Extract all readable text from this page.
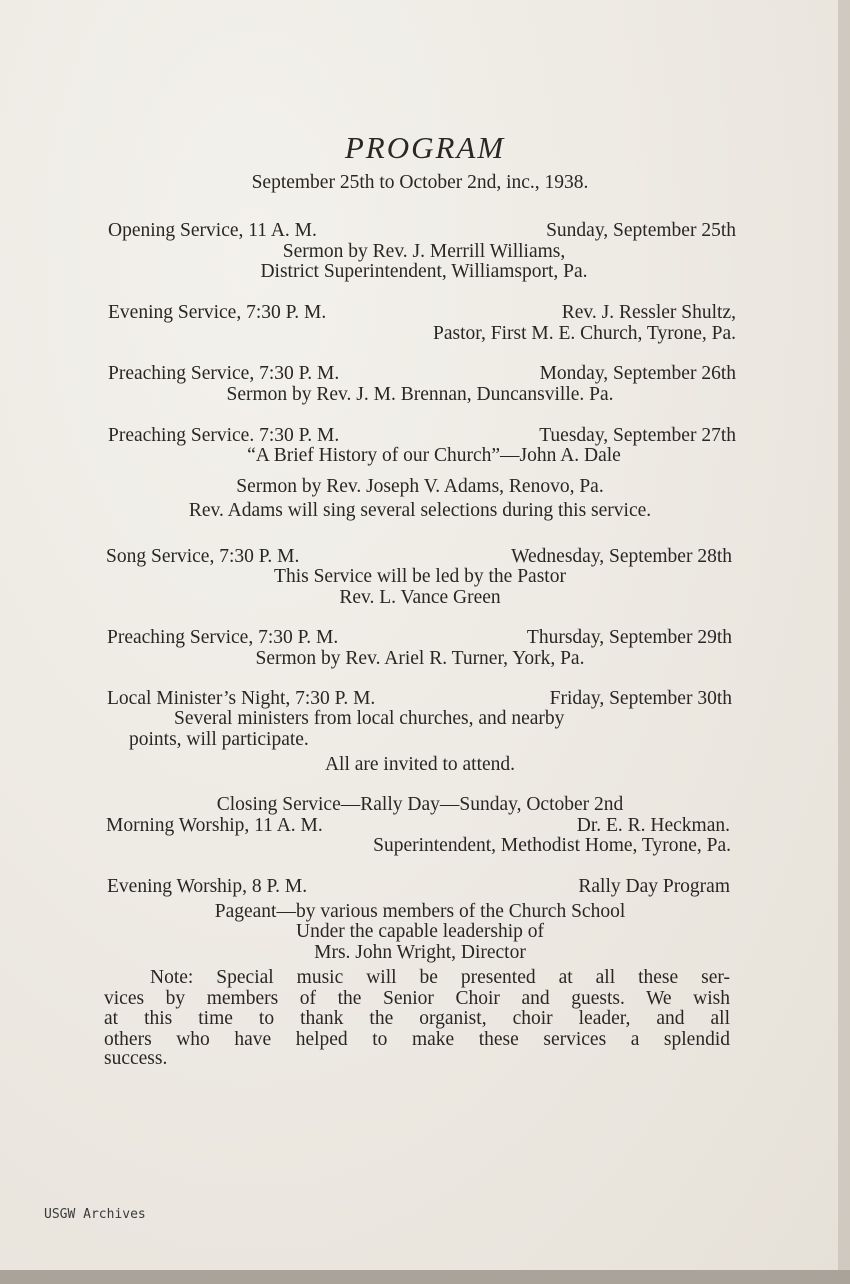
PROGRAM
September 25th to October 2nd, inc., 1938.
Opening Service, 11 A. M.	Sunday, September 25th
Sermon by Rev. J. Merrill Williams,
District Superintendent, Williamsport, Pa.
Evening Service, 7:30 P. M.	Rev. J. Ressler Shultz,
Pastor, First M. E. Church, Tyrone, Pa.
Preaching Service, 7:30 P. M.	Monday, September 26th
Sermon by Rev. J. M. Brennan, Duncansville. Pa.
Preaching Service. 7:30 P. M.	Tuesday, September 27th
“A Brief History of our Church”—John A. Dale
Sermon by Rev. Joseph V. Adams, Renovo, Pa.
Rev. Adams will sing several selections during this service.
Song Service, 7:30 P. M.	Wednesday, September 28th
This Service will be led by the Pastor
Rev. L. Vance Green
Preaching Service, 7:30 P. M.	Thursday, September 29th
Sermon by Rev. Ariel R. Turner, York, Pa.
Local Minister’s Night, 7:30 P. M.	Friday, September 30th
Several ministers from local churches, and nearby
points, will participate.
All are invited to attend.
Closing Service—Rally Day—Sunday, October 2nd
Morning Worship, 11 A. M.	Dr. E. R. Heckman.
Superintendent, Methodist Home, Tyrone, Pa.
Evening Worship, 8 P. M.	Rally Day Program
Pageant—by various members of the Church School
Under the capable leadership of
Mrs. John Wright, Director
Note: Special music will be presented at all these ser-
vices by members of the Senior Choir and guests. We wish
at this time to thank the organist, choir leader, and all
others who have helped to make these services a splendid
success.
USGW Archives
